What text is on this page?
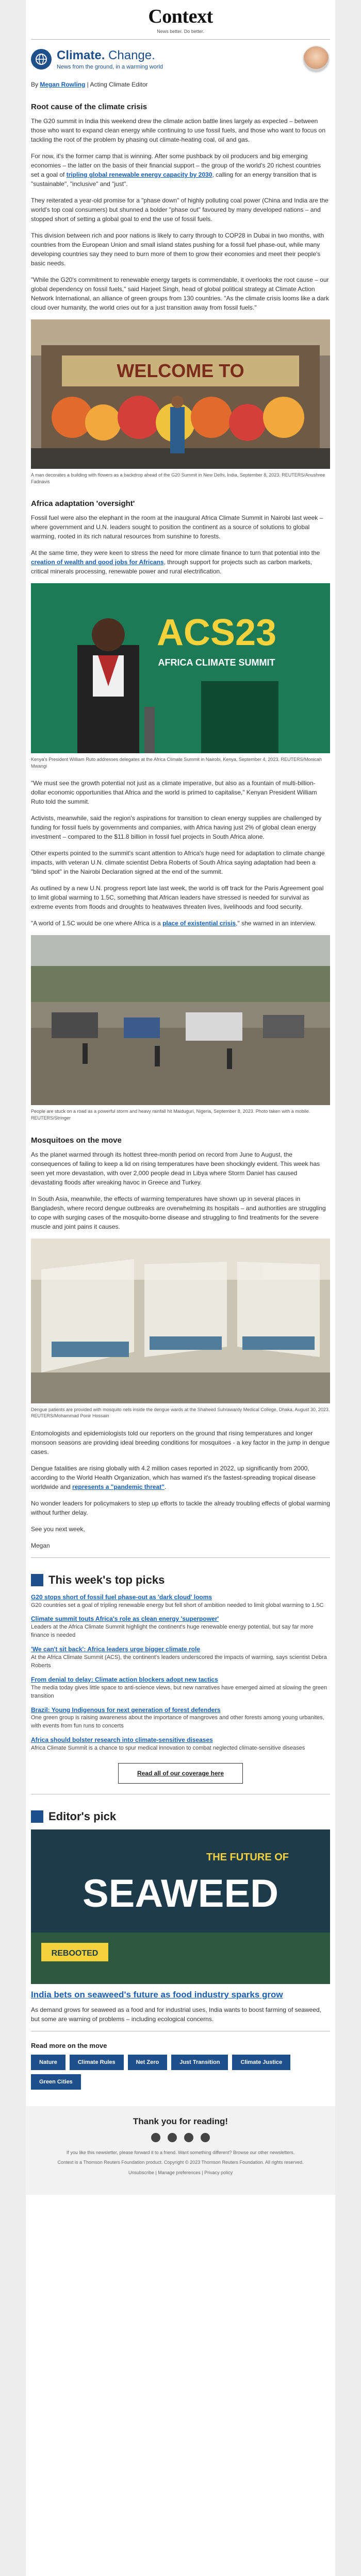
Context
News better. Do better.
Climate. Change.
News from the ground, in a warming world
By Megan Rowling | Acting Climate Editor
Root cause of the climate crisis

The G20 summit in India this weekend drew the climate action battle lines largely as expected – between those who want to expand clean energy while continuing to use fossil fuels, and those who want to focus on tackling the root of the problem by phasing out climate-heating coal, oil and gas.

For now, it's the former camp that is winning. After some pushback by oil producers and big emerging economies – the latter on the basis of their financial support – the group of the world's 20 richest countries set a goal of tripling global renewable energy capacity by 2030, calling for an energy transition that is "sustainable", "inclusive" and "just".

They reiterated a year-old promise for a "phase down" of highly polluting coal power (China and India are the world's top coal consumers) but shunned a bolder "phase out" favoured by many developed nations – and stopped short of setting a global goal to end the use of fossil fuels.

This division between rich and poor nations is likely to carry through to COP28 in Dubai in two months, with countries from the European Union and small island states pushing for a fossil fuel phase-out, while many developing countries say they need to burn more of them to grow their economies and meet their people's basic needs.

"While the G20's commitment to renewable energy targets is commendable, it overlooks the root cause – our global dependency on fossil fuels," said Harjeet Singh, head of global political strategy at Climate Action Network International, an alliance of green groups from 130 countries. "As the climate crisis looms like a dark cloud over humanity, the world cries out for a just transition away from fossil fuels."

WELCOME TO
A man decorates a building with flowers as a backdrop ahead of the G20 Summit in New Delhi, India, September 8, 2023. REUTERS/Anushree Fadnavis
Africa adaptation 'oversight'

Fossil fuel were also the elephant in the room at the inaugural Africa Climate Summit in Nairobi last week – where government and U.N. leaders sought to position the continent as a source of solutions to global warming, rooted in its rich natural resources from sunshine to forests.

At the same time, they were keen to stress the need for more climate finance to turn that potential into the creation of wealth and good jobs for Africans, through support for projects such as carbon markets, critical minerals processing, renewable power and rural electrification.

ACS23
AFRICA CLIMATE SUMMIT
Kenya's President William Ruto addresses delegates at the Africa Climate Summit in Nairobi, Kenya, September 4, 2023. REUTERS/Monicah Mwangi

"We must see the growth potential not just as a climate imperative, but also as a fountain of multi-billion-dollar economic opportunities that Africa and the world is primed to capitalise," Kenyan President William Ruto told the summit.

Activists, meanwhile, said the region's aspirations for transition to clean energy supplies are challenged by funding for fossil fuels by governments and companies, with Africa having just 2% of global clean energy investment – compared to the $11.8 billion in fossil fuel projects in South Africa alone.

Other experts pointed to the summit's scant attention to Africa's huge need for adaptation to climate change impacts, with veteran U.N. climate scientist Debra Roberts of South Africa saying adaptation had been a "blind spot" in the Nairobi Declaration signed at the end of the summit.

As outlined by a new U.N. progress report late last week, the world is off track for the Paris Agreement goal to limit global warming to 1.5C, something that African leaders have stressed is needed for survival as extreme events from floods and droughts to heatwaves threaten lives, livelihoods and food security.

"A world of 1.5C would be one where Africa is a place of existential crisis," she warned in an interview.

People are stuck on a road as a powerful storm and heavy rainfall hit Maiduguri, Nigeria, September 8, 2023. Photo taken with a mobile. REUTERS/Stringer
Mosquitoes on the move

As the planet warmed through its hottest three-month period on record from June to August, the consequences of failing to keep a lid on rising temperatures have been shockingly evident. This week has seen yet more devastation, with over 2,000 people dead in Libya where Storm Daniel has caused devastating floods after wreaking havoc in Greece and Turkey.

In South Asia, meanwhile, the effects of warming temperatures have shown up in several places in Bangladesh, where record dengue outbreaks are overwhelming its hospitals – and authorities are struggling to cope with surging cases of the mosquito-borne disease and struggling to find treatments for the severe muscle and joint pains it causes.

Dengue patients are provided with mosquito nets inside the dengue wards at the Shaheed Suhrawardy Medical College, Dhaka, August 30, 2023. REUTERS/Mohammad Ponir Hossain

Entomologists and epidemiologists told our reporters on the ground that rising temperatures and longer monsoon seasons are providing ideal breeding conditions for mosquitoes - a key factor in the jump in dengue cases.

Dengue fatalities are rising globally with 4.2 million cases reported in 2022, up significantly from 2000, according to the World Health Organization, which has warned it's the fastest-spreading tropical disease worldwide and represents a "pandemic threat".

No wonder leaders for policymakers to step up efforts to tackle the already troubling effects of global warming without further delay.

See you next week,

Megan

This week's top picks
G20 stops short of fossil fuel phase-out as 'dark cloud' looms
G20 countries set a goal of tripling renewable energy but fell short of ambition needed to limit global warming to 1.5C
Climate summit touts Africa's role as clean energy 'superpower'
Leaders at the Africa Climate Summit highlight the continent's huge renewable energy potential, but say far more finance is needed
'We can't sit back': Africa leaders urge bigger climate role
At the Africa Climate Summit (ACS), the continent's leaders underscored the impacts of warming, says scientist Debra Roberts
From denial to delay: Climate action blockers adopt new tactics
The media today gives little space to anti-science views, but new narratives have emerged aimed at slowing the green transition
Brazil: Young Indigenous for next generation of forest defenders
One green group is raising awareness about the importance of mangroves and other forests among young urbanites, with events from fun runs to concerts
Africa should bolster research into climate-sensitive diseases
Africa Climate Summit is a chance to spur medical innovation to combat neglected climate-sensitive diseases
Read all of our coverage here
Editor's pick
THE FUTURE OF
SEAWEED
REBOOTED
India bets on seaweed's future as food industry sparks grow

As demand grows for seaweed as a food and for industrial uses, India wants to boost farming of seaweed, but some are warning of problems – including ecological concerns.

Read more on the move
Nature	Climate Rules	Net Zero	Just Transition	Climate Justice
Green Cities
Thank you for reading!
If you like this newsletter, please forward it to a friend. Want something different? Browse our other newsletters.
Context is a Thomson Reuters Foundation product. Copyright © 2023 Thomson Reuters Foundation. All rights reserved.
Unsubscribe | Manage preferences | Privacy policy
